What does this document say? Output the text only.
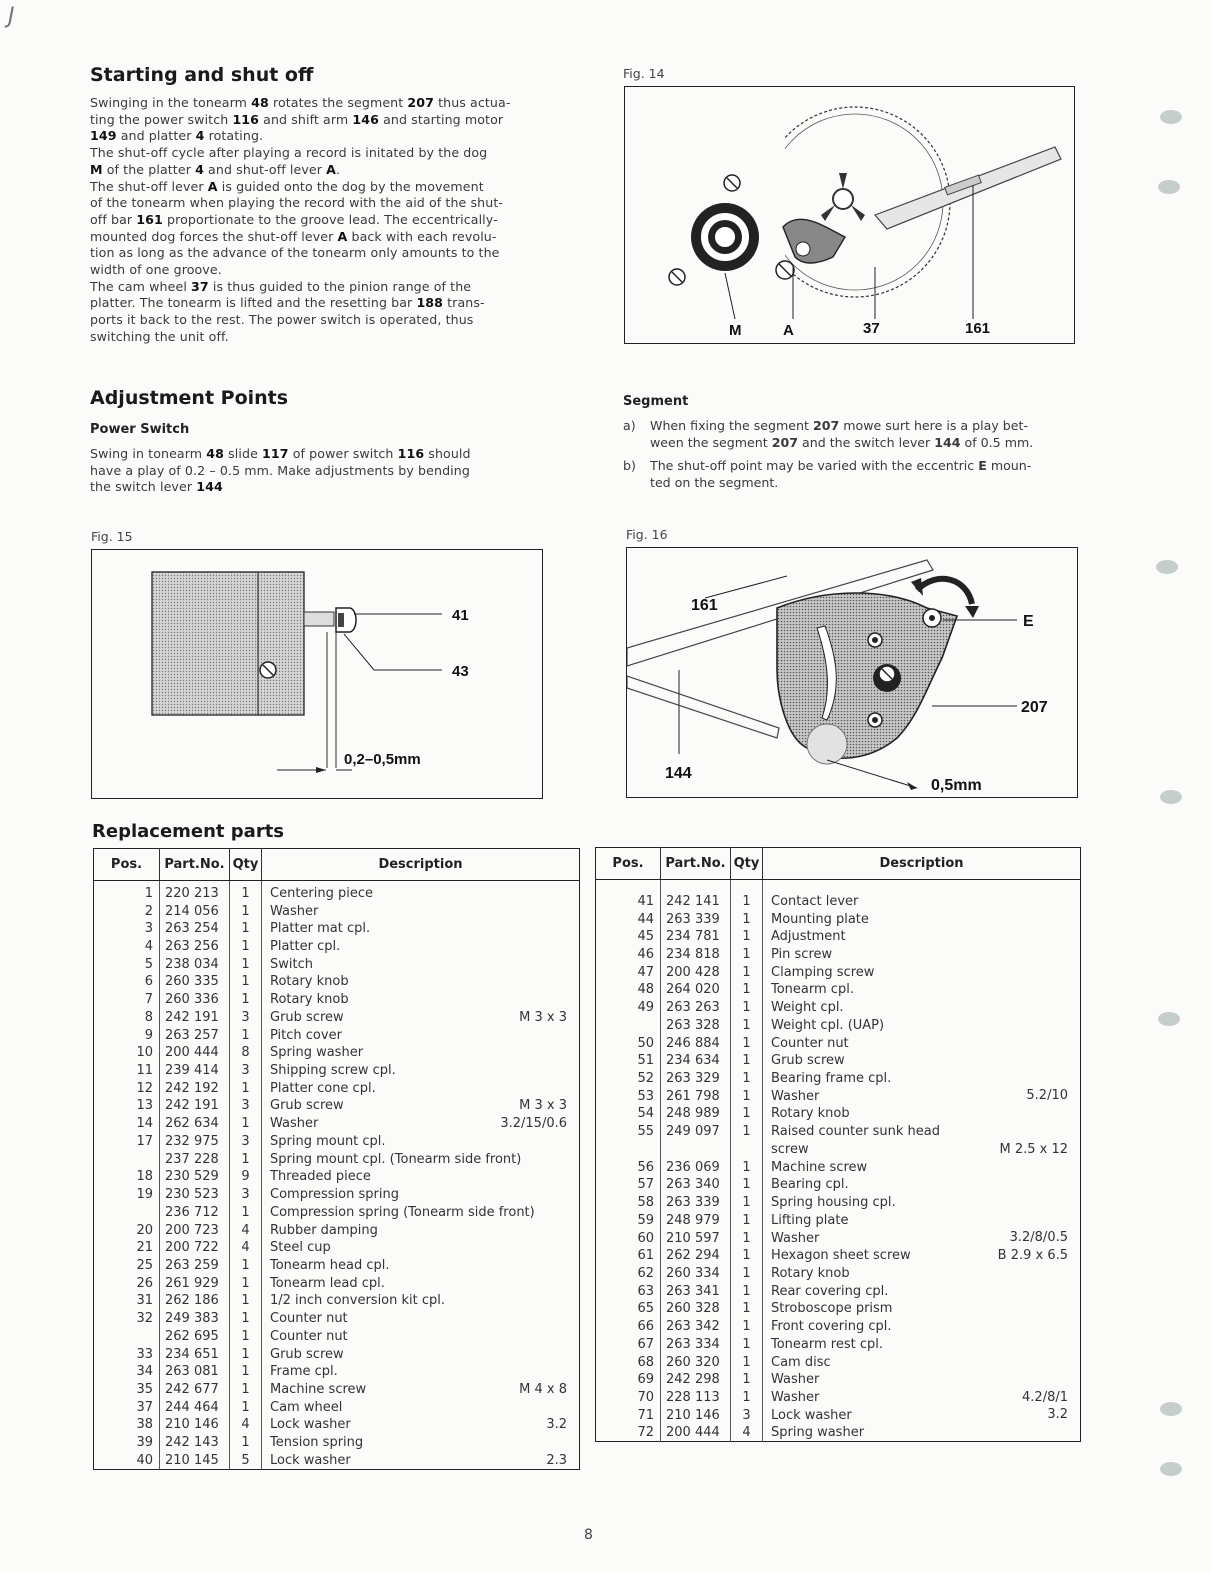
J
Starting and shut off
Swinging in the tonearm 48 rotates the segment 207 thus actua-
ting the power switch 116 and shift arm 146 and starting motor
149 and platter 4 rotating.
The shut-off cycle after playing a record is initated by the dog
M of the platter 4 and shut-off lever A.
The shut-off lever A is guided onto the dog by the movement
of the tonearm when playing the record with the aid of the shut-
off bar 161 proportionate to the groove lead. The eccentrically-
mounted dog forces the shut-off lever A back with each revolu-
tion as long as the advance of the tonearm only amounts to the
width of one groove.
The cam wheel 37 is thus guided to the pinion range of the
platter. The tonearm is lifted and the resetting bar 188 trans-
ports it back to the rest. The power switch is operated, thus
switching the unit off.
Adjustment Points
Power Switch
Swing in tonearm 48 slide 117 of power switch 116 should
have a play of 0.2 – 0.5 mm. Make adjustments by bending
the switch lever 144
Segment
a)	When fixing the segment 207 mowe surt here is a play bet-
ween the segment 207 and the switch lever 144 of 0.5 mm.
b)	The shut-off point may be varied with the eccentric E moun-
ted on the segment.
Fig. 14
M	A	37	161
Fig. 15
41
43
0,2–0,5mm
Fig. 16
161
E
207
144
0,5mm
Replacement parts
Pos.	Part.No.	Qty	Description

1	220 213	1	Centering piece

2	214 056	1	Washer

3	263 254	1	Platter mat cpl.

4	263 256	1	Platter cpl.

5	238 034	1	Switch

6	260 335	1	Rotary knob

7	260 336	1	Rotary knob

8	242 191	3	Grub screw M 3 x 3

9	263 257	1	Pitch cover

10	200 444	8	Spring washer

11	239 414	3	Shipping screw cpl.

12	242 192	1	Platter cone cpl.

13	242 191	3	Grub screw M 3 x 3

14	262 634	1	Washer 3.2/15/0.6

17	232 975	3	Spring mount cpl.

	237 228	1	Spring mount cpl. (Tonearm side front)

18	230 529	9	Threaded piece

19	230 523	3	Compression spring

	236 712	1	Compression spring (Tonearm side front)

20	200 723	4	Rubber damping

21	200 722	4	Steel cup

25	263 259	1	Tonearm head cpl.

26	261 929	1	Tonearm lead cpl.

31	262 186	1	1/2 inch conversion kit cpl.

32	249 383	1	Counter nut

	262 695	1	Counter nut

33	234 651	1	Grub screw

34	263 081	1	Frame cpl.

35	242 677	1	Machine screw M 4 x 8

37	244 464	1	Cam wheel

38	210 146	4	Lock washer 3.2

39	242 143	1	Tension spring

40	210 145	5	Lock washer 2.3
Pos.	Part.No.	Qty	Description

41	242 141	1	Contact lever

44	263 339	1	Mounting plate

45	234 781	1	Adjustment

46	234 818	1	Pin screw

47	200 428	1	Clamping screw

48	264 020	1	Tonearm cpl.

49	263 263	1	Weight cpl.

	263 328	1	Weight cpl. (UAP)

50	246 884	1	Counter nut

51	234 634	1	Grub screw

52	263 329	1	Bearing frame cpl.

53	261 798	1	Washer 5.2/10

54	248 989	1	Rotary knob

55	249 097	1	Raised counter sunk head

			screw M 2.5 x 12

56	236 069	1	Machine screw

57	263 340	1	Bearing cpl.

58	263 339	1	Spring housing cpl.

59	248 979	1	Lifting plate

60	210 597	1	Washer 3.2/8/0.5

61	262 294	1	Hexagon sheet screw B 2.9 x 6.5

62	260 334	1	Rotary knob

63	263 341	1	Rear covering cpl.

65	260 328	1	Stroboscope prism

66	263 342	1	Front covering cpl.

67	263 334	1	Tonearm rest cpl.

68	260 320	1	Cam disc

69	242 298	1	Washer

70	228 113	1	Washer 4.2/8/1

71	210 146	3	Lock washer 3.2

72	200 444	4	Spring washer
8
